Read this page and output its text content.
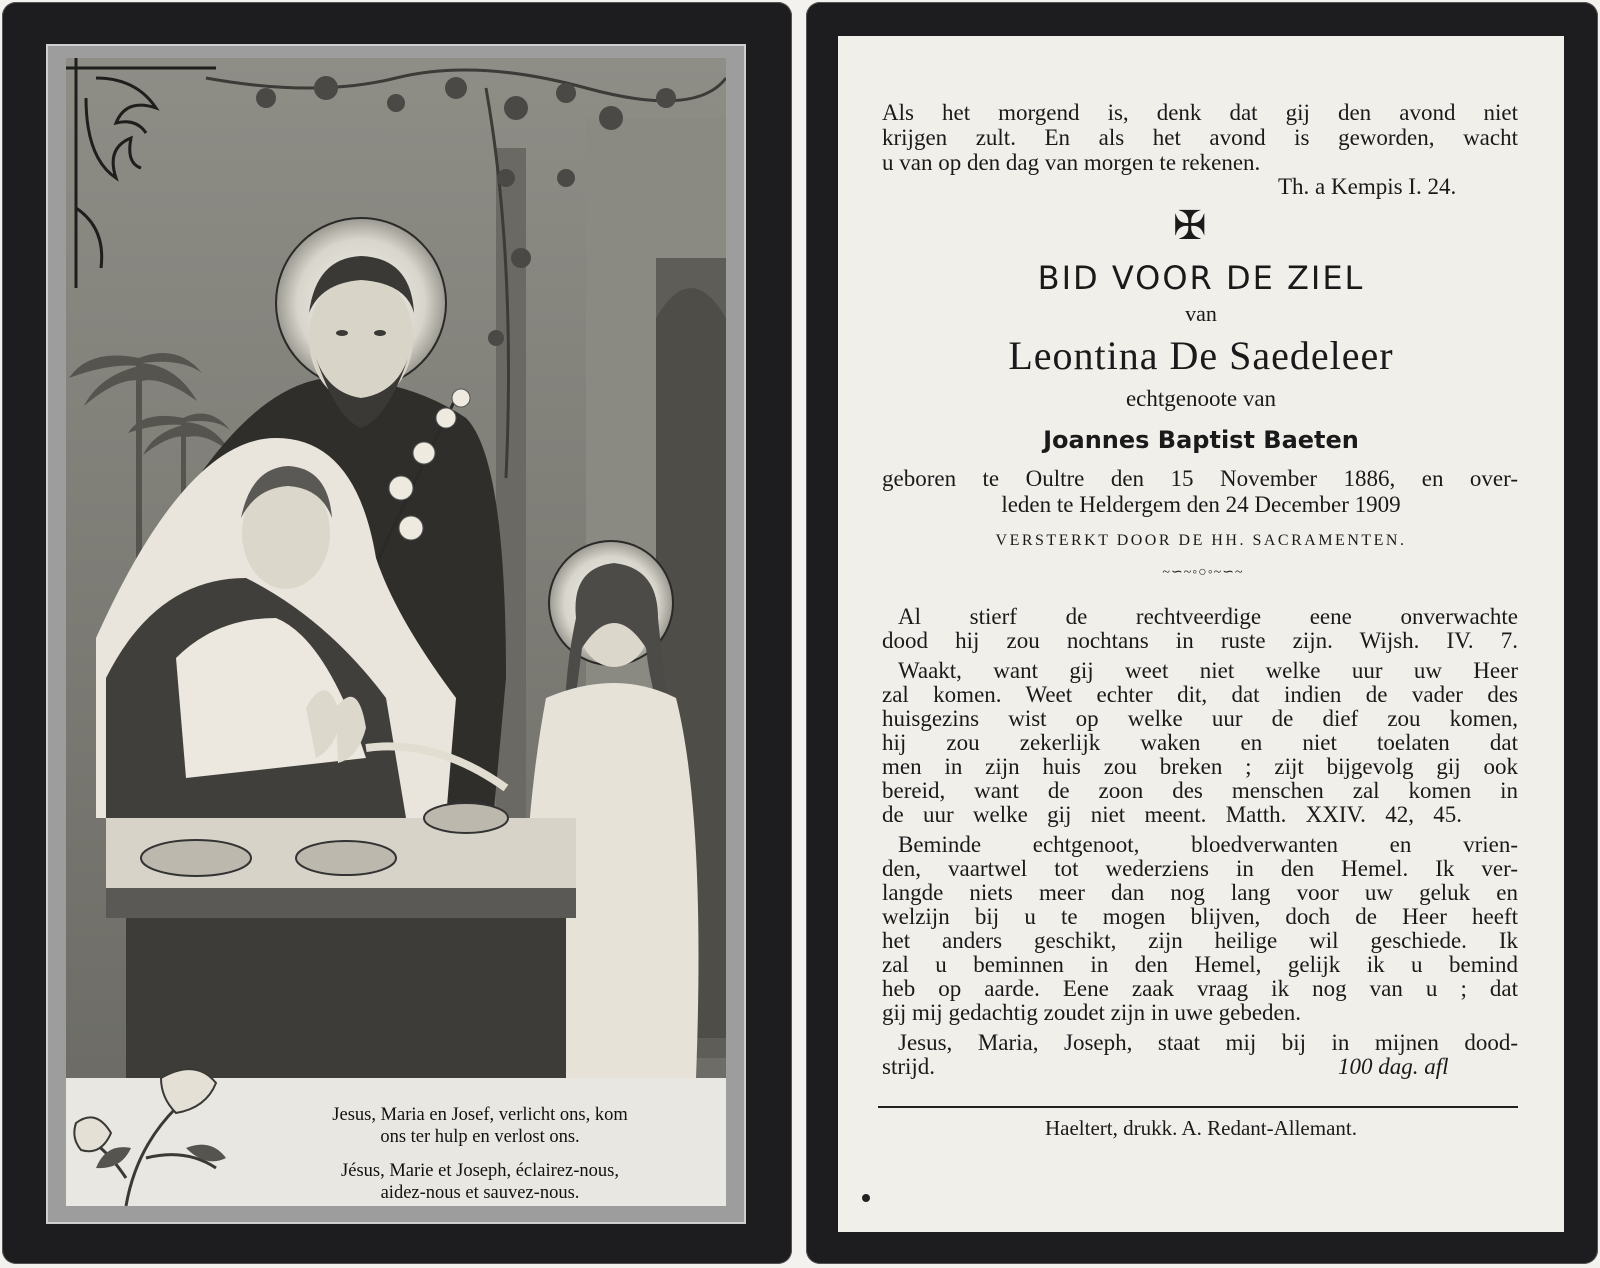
Jesus, Maria en Josef, verlicht ons, kom
ons ter hulp en verlost ons.
Jésus, Marie et Joseph, éclairez-nous,
aidez-nous et sauvez-nous.
Als het morgend is, denk dat gij den avond niet
krijgen zult. En als het avond is geworden, wacht
u van op den dag van morgen te rekenen.
Th. a Kempis I. 24.
✠
BID VOOR DE ZIEL
van
Leontina De Saedeleer
echtgenoote van
Joannes Baptist Baeten
geboren te Oultre den 15 November 1886, en over-
leden te Heldergem den 24 December 1909
VERSTERKT DOOR DE HH. SACRAMENTEN.
~∽~◦○◦~∽~
Al stierf de rechtveerdige eene onverwachte
dood hij zou nochtans in ruste zijn. Wijsh. IV. 7.
Waakt, want gij weet niet welke uur uw Heer
zal komen. Weet echter dit, dat indien de vader des
huisgezins wist op welke uur de dief zou komen,
hij zou zekerlijk waken en niet toelaten dat
men in zijn huis zou breken ; zijt bijgevolg gij ook
bereid, want de zoon des menschen zal komen in
de uur welke gij niet meent. Matth. XXIV. 42, 45.
Beminde echtgenoot, bloedverwanten en vrien-
den, vaartwel tot wederziens in den Hemel. Ik ver-
langde niets meer dan nog lang voor uw geluk en
welzijn bij u te mogen blijven, doch de Heer heeft
het anders geschikt, zijn heilige wil geschiede. Ik
zal u beminnen in den Hemel, gelijk ik u bemind
heb op aarde. Eene zaak vraag ik nog van u ; dat
gij mij gedachtig zoudet zijn in uwe gebeden.
Jesus, Maria, Joseph, staat mij bij in mijnen dood-
strijd.	100 dag. afl
Haeltert, drukk. A. Redant-Allemant.
